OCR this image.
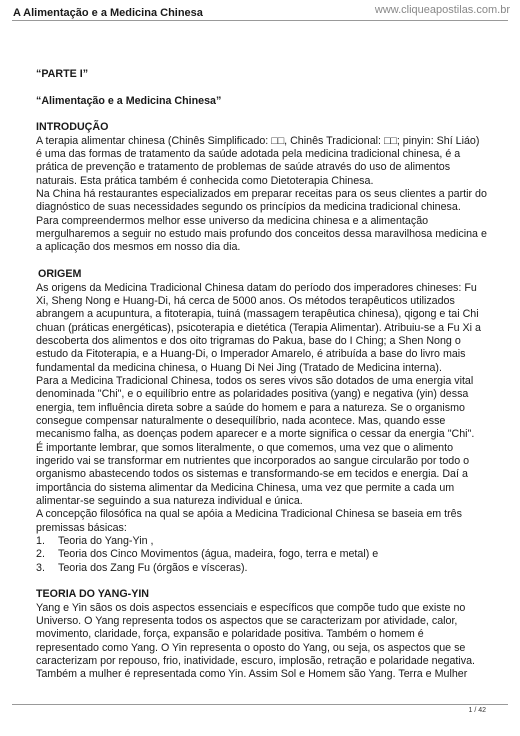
A Alimentação e a Medicina Chinesa	www.cliqueapostilas.com.br

“PARTE I”

“Alimentação e a Medicina Chinesa”

INTRODUÇÃO

A terapia alimentar chinesa (Chinês Simplificado: □□, Chinês Tradicional: □□; pinyin: Shí Liáo) é uma das formas de tratamento da saúde adotada pela medicina tradicional chinesa, é a prática de prevenção e tratamento de problemas de saúde através do uso de alimentos naturais. Esta prática também é conhecida como Dietoterapia Chinesa.

Na China há restaurantes especializados em preparar receitas para os seus clientes a partir do diagnóstico de suas necessidades segundo os princípios da medicina tradicional chinesa.

Para compreendermos melhor esse universo da medicina chinesa e a alimentação mergulharemos a seguir no estudo mais profundo dos conceitos dessa maravilhosa medicina e a aplicação dos mesmos em nosso dia dia.

ORIGEM

As origens da Medicina Tradicional Chinesa datam do período dos imperadores chineses: Fu Xi, Sheng Nong e Huang-Di, há cerca de 5000 anos. Os métodos terapêuticos utilizados abrangem a acupuntura, a fitoterapia, tuiná (massagem terapêutica chinesa), qigong e tai Chi chuan (práticas energéticas), psicoterapia e dietética (Terapia Alimentar). Atribuiu-se a Fu Xi a descoberta dos alimentos e dos oito trigramas do Pakua, base do I Ching; a Shen Nong o estudo da Fitoterapia, e a Huang-Di, o Imperador Amarelo, é atribuída a base do livro mais fundamental da medicina chinesa, o Huang Di Nei Jing (Tratado de Medicina interna).

Para a Medicina Tradicional Chinesa, todos os seres vivos são dotados de uma energia vital denominada "Chi", e o equilíbrio entre as polaridades positiva (yang) e negativa (yin) dessa energia, tem influência direta sobre a saúde do homem e para a natureza. Se o organismo consegue compensar naturalmente o desequilíbrio, nada acontece. Mas, quando esse mecanismo falha, as doenças podem aparecer e a morte significa o cessar da energia "Chi".

É importante lembrar, que somos literalmente, o que comemos, uma vez que o alimento ingerido vai se transformar em nutrientes que incorporados ao sangue circularão por todo o organismo abastecendo todos os sistemas e transformando-se em tecidos e energia. Daí a importância do sistema alimentar da Medicina Chinesa, uma vez que permite a cada um alimentar-se seguindo a sua natureza individual e única.

A concepção filosófica na qual se apóia a Medicina Tradicional Chinesa se baseia em três premissas básicas:

1.	Teoria do Yang-Yin ,
2.	Teoria dos Cinco Movimentos (água, madeira, fogo, terra e metal) e
3.	Teoria dos Zang Fu (órgãos e vísceras).

TEORIA DO YANG-YIN

Yang e Yin sãos os dois aspectos essenciais e específicos que compõe tudo que existe no Universo. O Yang representa todos os aspectos que se caracterizam por atividade, calor, movimento, claridade, força, expansão e polaridade positiva. Também o homem é representado como Yang. O Yin representa o oposto do Yang, ou seja, os aspectos que se caracterizam por repouso, frio, inatividade, escuro, implosão, retração e polaridade negativa. Também a mulher é representada como Yin. Assim Sol e Homem são Yang. Terra e Mulher

1 / 42
